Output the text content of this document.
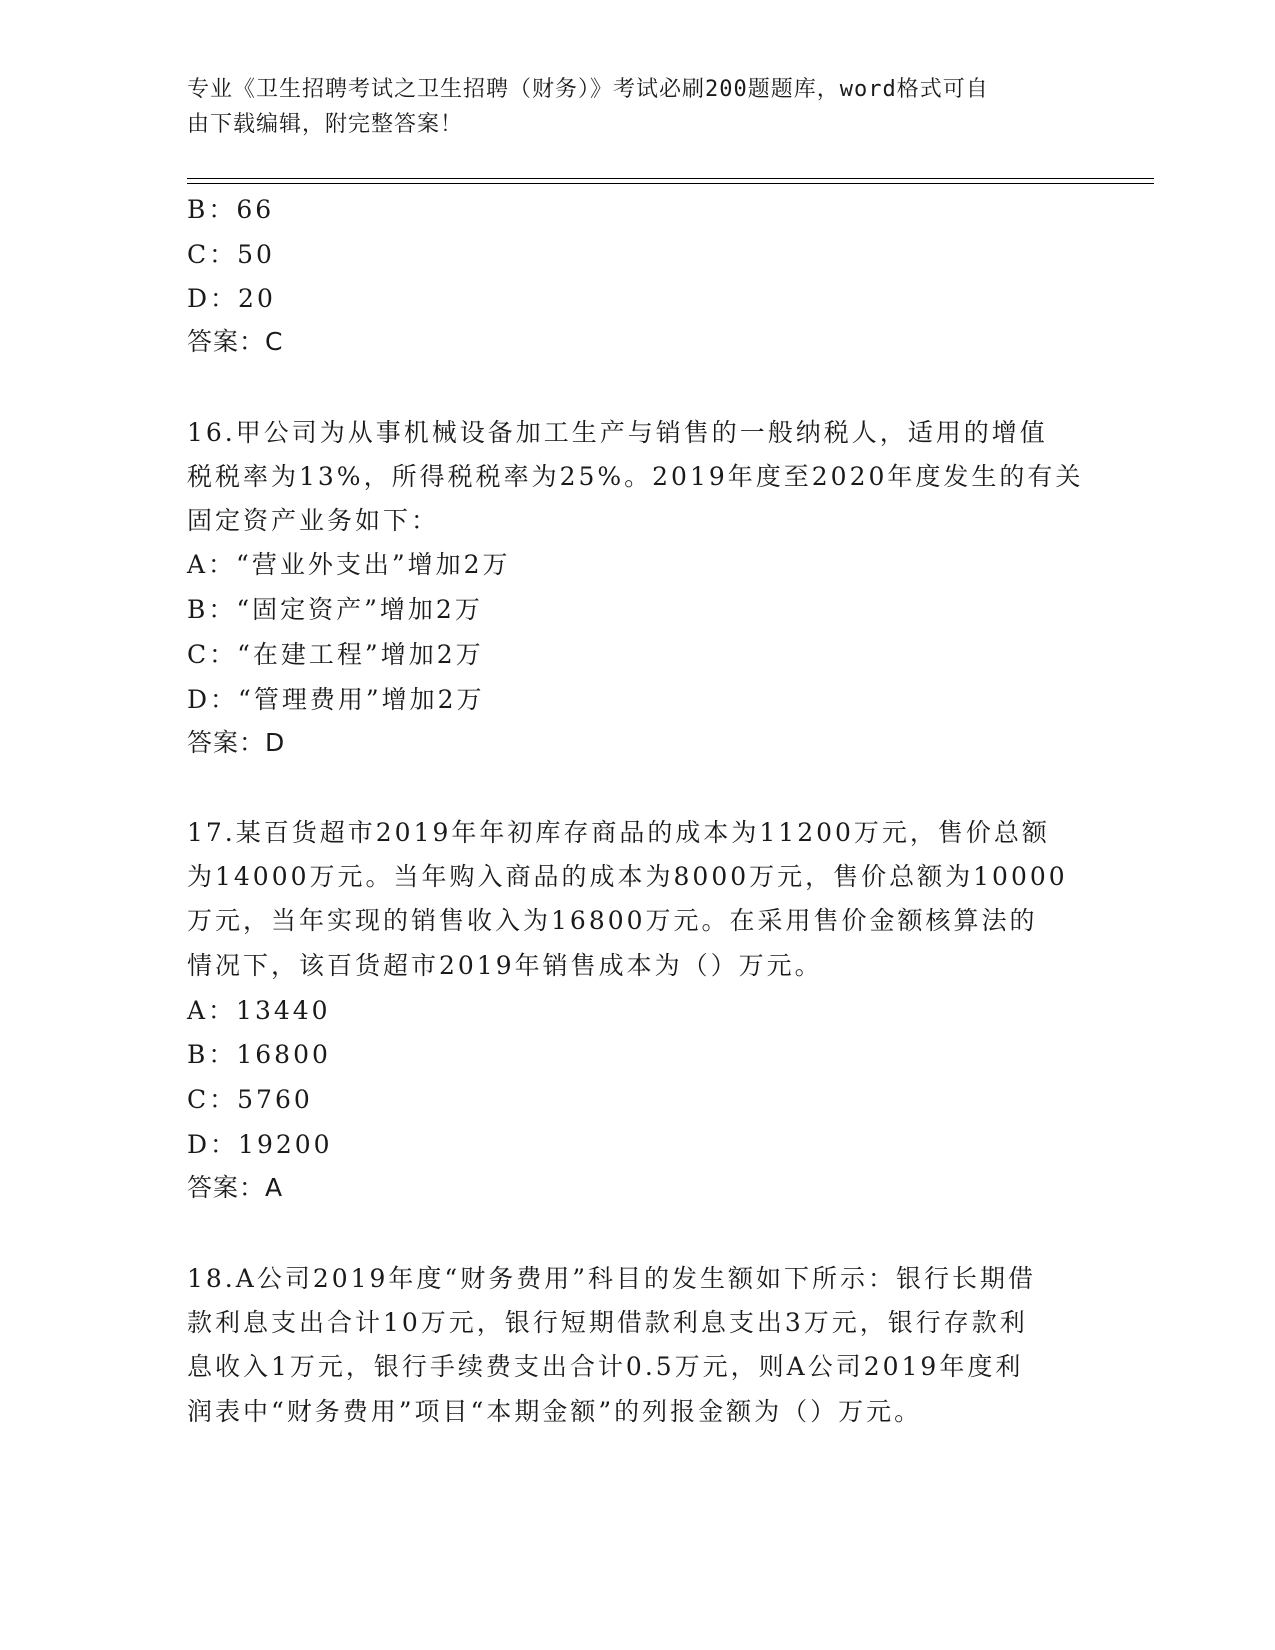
专业《卫生招聘考试之卫生招聘（财务）》考试必刷200题题库，word格式可自
由下载编辑，附完整答案！
B：66
C：50
D：20
答案：C
16.甲公司为从事机械设备加工生产与销售的一般纳税人，适用的增值
税税率为13%，所得税税率为25%。2019年度至2020年度发生的有关
固定资产业务如下：
A：“营业外支出”增加2万
B：“固定资产”增加2万
C：“在建工程”增加2万
D：“管理费用”增加2万
答案：D
17.某百货超市2019年年初库存商品的成本为11200万元，售价总额
为14000万元。当年购入商品的成本为8000万元，售价总额为10000
万元，当年实现的销售收入为16800万元。在采用售价金额核算法的
情况下，该百货超市2019年销售成本为（）万元。
A：13440
B：16800
C：5760
D：19200
答案：A
18.A公司2019年度“财务费用”科目的发生额如下所示：银行长期借
款利息支出合计10万元，银行短期借款利息支出3万元，银行存款利
息收入1万元，银行手续费支出合计0.5万元，则A公司2019年度利
润表中“财务费用”项目“本期金额”的列报金额为（）万元。
